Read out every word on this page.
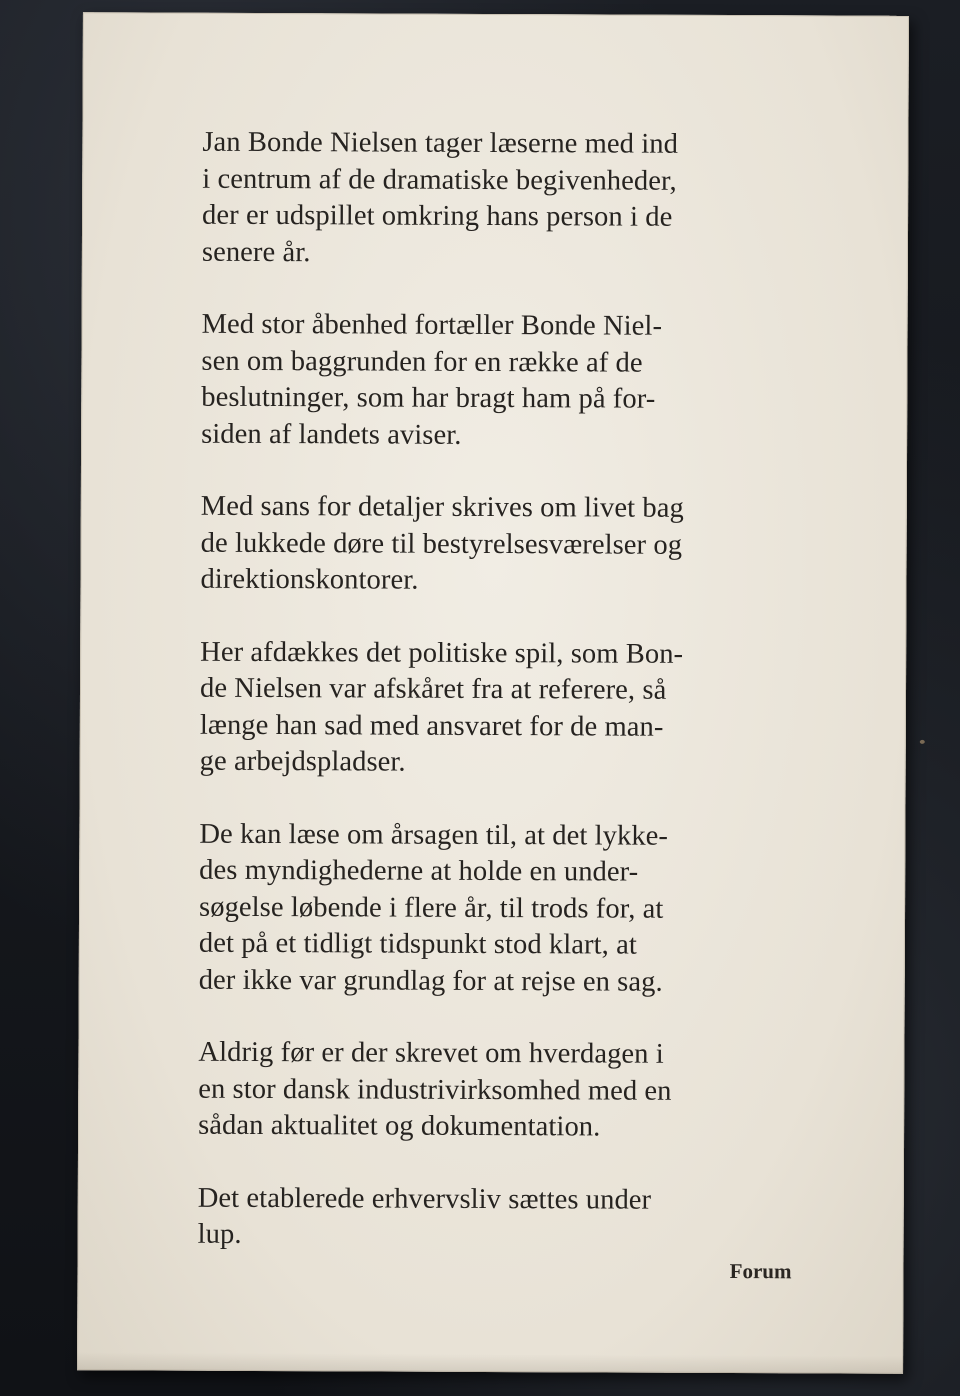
Jan Bonde Nielsen tager læserne med ind
i centrum af de dramatiske begivenheder,
der er udspillet omkring hans person i de
senere år.

Med stor åbenhed fortæller Bonde Niel-
sen om baggrunden for en række af de
beslutninger, som har bragt ham på for-
siden af landets aviser.

Med sans for detaljer skrives om livet bag
de lukkede døre til bestyrelsesværelser og
direktionskontorer.

Her afdækkes det politiske spil, som Bon-
de Nielsen var afskåret fra at referere, så
længe han sad med ansvaret for de man-
ge arbejdspladser.

De kan læse om årsagen til, at det lykke-
des myndighederne at holde en under-
søgelse løbende i flere år, til trods for, at
det på et tidligt tidspunkt stod klart, at
der ikke var grundlag for at rejse en sag.

Aldrig før er der skrevet om hverdagen i
en stor dansk industrivirksomhed med en
sådan aktualitet og dokumentation.

Det etablerede erhvervsliv sættes under
lup.

Forum
